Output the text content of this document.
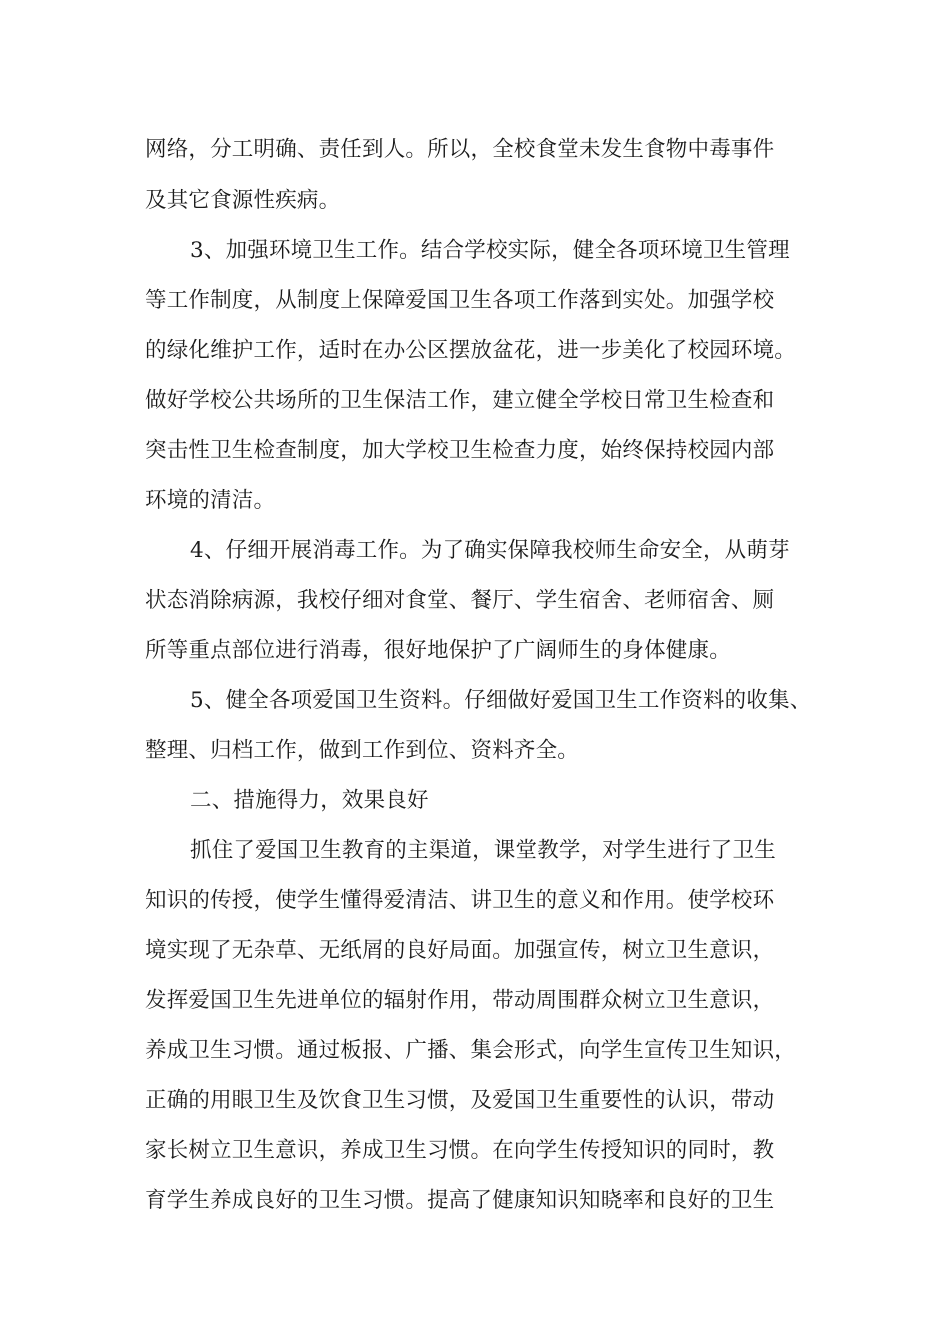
网络，分工明确、责任到人。所以，全校食堂未发生食物中毒事件
及其它食源性疾病。
3、加强环境卫生工作。结合学校实际，健全各项环境卫生管理
等工作制度，从制度上保障爱国卫生各项工作落到实处。加强学校
的绿化维护工作，适时在办公区摆放盆花，进一步美化了校园环境。
做好学校公共场所的卫生保洁工作，建立健全学校日常卫生检查和
突击性卫生检查制度，加大学校卫生检查力度，始终保持校园内部
环境的清洁。
4、仔细开展消毒工作。为了确实保障我校师生命安全，从萌芽
状态消除病源，我校仔细对食堂、餐厅、学生宿舍、老师宿舍、厕
所等重点部位进行消毒，很好地保护了广阔师生的身体健康。
5、健全各项爱国卫生资料。仔细做好爱国卫生工作资料的收集、
整理、归档工作，做到工作到位、资料齐全。
二、措施得力，效果良好
抓住了爱国卫生教育的主渠道，课堂教学，对学生进行了卫生
知识的传授，使学生懂得爱清洁、讲卫生的意义和作用。使学校环
境实现了无杂草、无纸屑的良好局面。加强宣传，树立卫生意识，
发挥爱国卫生先进单位的辐射作用，带动周围群众树立卫生意识，
养成卫生习惯。通过板报、广播、集会形式，向学生宣传卫生知识，
正确的用眼卫生及饮食卫生习惯，及爱国卫生重要性的认识，带动
家长树立卫生意识，养成卫生习惯。在向学生传授知识的同时，教
育学生养成良好的卫生习惯。提高了健康知识知晓率和良好的卫生
